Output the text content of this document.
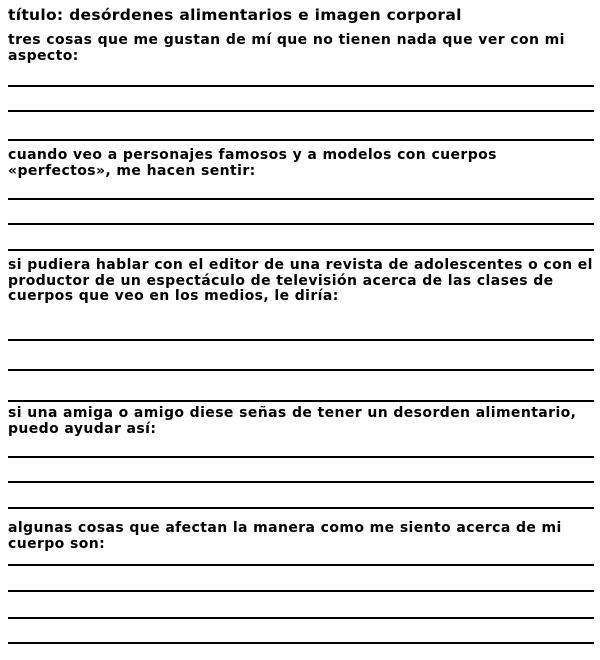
título: desórdenes alimentarios e imagen corporal
tres cosas que me gustan de mí que no tienen nada que ver con mi aspecto:
cuando veo a personajes famosos y a modelos con cuerpos «perfectos», me hacen sentir:
si pudiera hablar con el editor de una revista de adolescentes o con el productor de un espectáculo de televisión acerca de las clases de cuerpos que veo en los medios, le diría:
si una amiga o amigo diese señas de tener un desorden alimentario, puedo ayudar así:
algunas cosas que afectan la manera como me siento acerca de mi cuerpo son:
